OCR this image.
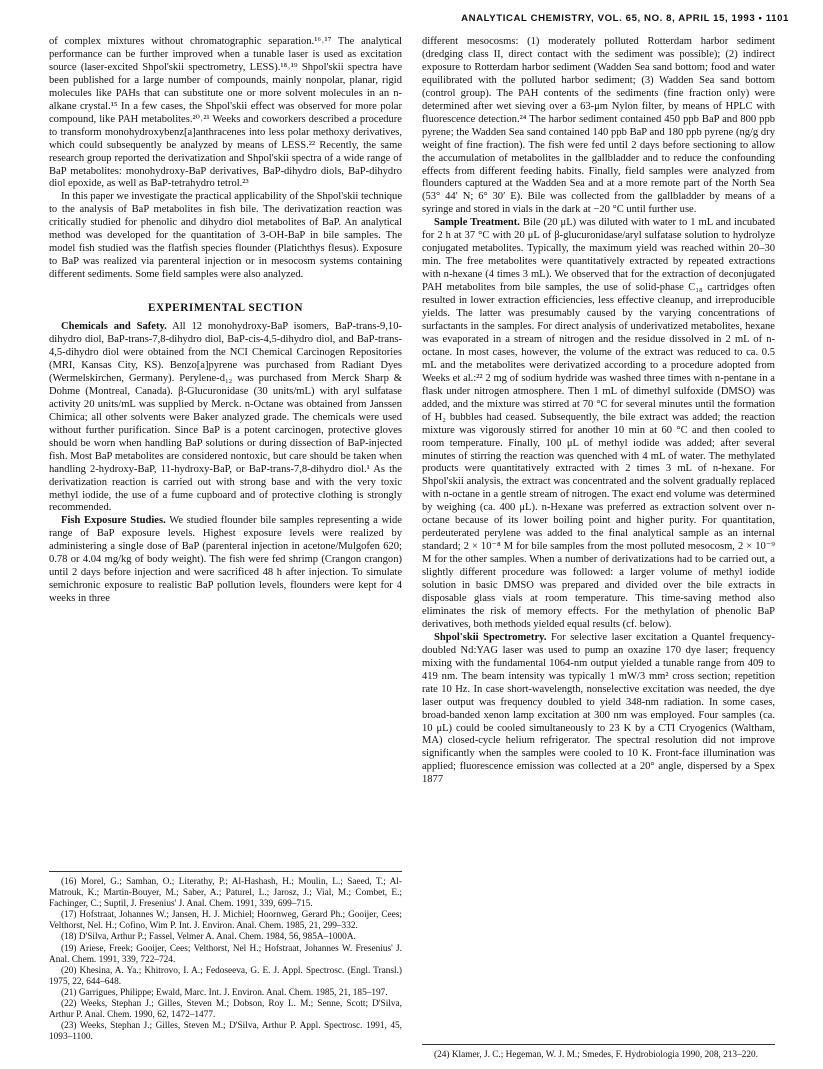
ANALYTICAL CHEMISTRY, VOL. 65, NO. 8, APRIL 15, 1993 • 1101

of complex mixtures without chromatographic separation.¹⁶˒¹⁷ The analytical performance can be further improved when a tunable laser is used as excitation source (laser-excited Shpol'skii spectrometry, LESS).¹⁸˒¹⁹ Shpol'skii spectra have been published for a large number of compounds, mainly nonpolar, planar, rigid molecules like PAHs that can substitute one or more solvent molecules in an n-alkane crystal.¹⁵ In a few cases, the Shpol'skii effect was observed for more polar compound, like PAH metabolites.²⁰˒²¹ Weeks and coworkers described a procedure to transform monohydroxybenz[a]anthracenes into less polar methoxy derivatives, which could subsequently be analyzed by means of LESS.²² Recently, the same research group reported the derivatization and Shpol'skii spectra of a wide range of BaP metabolites: monohydroxy-BaP derivatives, BaP-dihydro diols, BaP-dihydro diol epoxide, as well as BaP-tetrahydro tetrol.²³

In this paper we investigate the practical applicability of the Shpol'skii technique to the analysis of BaP metabolites in fish bile. The derivatization reaction was critically studied for phenolic and dihydro diol metabolites of BaP. An analytical method was developed for the quantitation of 3-OH-BaP in bile samples. The model fish studied was the flatfish species flounder (Platichthys flesus). Exposure to BaP was realized via parenteral injection or in mesocosm systems containing different sediments. Some field samples were also analyzed.

EXPERIMENTAL SECTION

Chemicals and Safety. All 12 monohydroxy-BaP isomers, BaP-trans-9,10-dihydro diol, BaP-trans-7,8-dihydro diol, BaP-cis-4,5-dihydro diol, and BaP-trans-4,5-dihydro diol were obtained from the NCI Chemical Carcinogen Repositories (MRI, Kansas City, KS). Benzo[a]pyrene was purchased from Radiant Dyes (Wermelskirchen, Germany). Perylene-d₁₂ was purchased from Merck Sharp & Dohme (Montreal, Canada). β-Glucuronidase (30 units/mL) with aryl sulfatase activity 20 units/mL was supplied by Merck. n-Octane was obtained from Janssen Chimica; all other solvents were Baker analyzed grade. The chemicals were used without further purification. Since BaP is a potent carcinogen, protective gloves should be worn when handling BaP solutions or during dissection of BaP-injected fish. Most BaP metabolites are considered nontoxic, but care should be taken when handling 2-hydroxy-BaP, 11-hydroxy-BaP, or BaP-trans-7,8-dihydro diol.¹ As the derivatization reaction is carried out with strong base and with the very toxic methyl iodide, the use of a fume cupboard and of protective clothing is strongly recommended.

Fish Exposure Studies. We studied flounder bile samples representing a wide range of BaP exposure levels. Highest exposure levels were realized by administering a single dose of BaP (parenteral injection in acetone/Mulgofen 620; 0.78 or 4.04 mg/kg of body weight). The fish were fed shrimp (Crangon crangon) until 2 days before injection and were sacrificed 48 h after injection. To simulate semichronic exposure to realistic BaP pollution levels, flounders were kept for 4 weeks in three

(16) Morel, G.; Samhan, O.; Literathy, P.; Al-Hashash, H.; Moulin, L.; Saeed, T.; Al-Matrouk, K.; Martin-Bouyer, M.; Saber, A.; Paturel, L.; Jarosz, J.; Vial, M.; Combet, E.; Fachinger, C.; Suptil, J. Fresenius' J. Anal. Chem. 1991, 339, 699–715.

(17) Hofstraat, Johannes W.; Jansen, H. J. Michiel; Hoornweg, Gerard Ph.; Gooijer, Cees; Velthorst, Nel. H.; Cofino, Wim P. Int. J. Environ. Anal. Chem. 1985, 21, 299–332.

(18) D'Silva, Arthur P.; Fassel, Velmer A. Anal. Chem. 1984, 56, 985A–1000A.

(19) Ariese, Freek; Gooijer, Cees; Velthorst, Nel H.; Hofstraat, Johannes W. Fresenius' J. Anal. Chem. 1991, 339, 722–724.

(20) Khesina, A. Ya.; Khitrovo, I. A.; Fedoseeva, G. E. J. Appl. Spectrosc. (Engl. Transl.) 1975, 22, 644–648.

(21) Garrigues, Philippe; Ewald, Marc. Int. J. Environ. Anal. Chem. 1985, 21, 185–197.

(22) Weeks, Stephan J.; Gilles, Steven M.; Dobson, Roy L. M.; Senne, Scott; D'Silva, Arthur P. Anal. Chem. 1990, 62, 1472–1477.

(23) Weeks, Stephan J.; Gilles, Steven M.; D'Silva, Arthur P. Appl. Spectrosc. 1991, 45, 1093–1100.

different mesocosms: (1) moderately polluted Rotterdam harbor sediment (dredging class II, direct contact with the sediment was possible); (2) indirect exposure to Rotterdam harbor sediment (Wadden Sea sand bottom; food and water equilibrated with the polluted harbor sediment; (3) Wadden Sea sand bottom (control group). The PAH contents of the sediments (fine fraction only) were determined after wet sieving over a 63-μm Nylon filter, by means of HPLC with fluorescence detection.²⁴ The harbor sediment contained 450 ppb BaP and 800 ppb pyrene; the Wadden Sea sand contained 140 ppb BaP and 180 ppb pyrene (ng/g dry weight of fine fraction). The fish were fed until 2 days before sectioning to allow the accumulation of metabolites in the gallbladder and to reduce the confounding effects from different feeding habits. Finally, field samples were analyzed from flounders captured at the Wadden Sea and at a more remote part of the North Sea (53° 44′ N; 6° 30′ E). Bile was collected from the gallbladder by means of a syringe and stored in vials in the dark at −20 °C until further use.

Sample Treatment. Bile (20 μL) was diluted with water to 1 mL and incubated for 2 h at 37 °C with 20 μL of β-glucuronidase/aryl sulfatase solution to hydrolyze conjugated metabolites. Typically, the maximum yield was reached within 20–30 min. The free metabolites were quantitatively extracted by repeated extractions with n-hexane (4 times 3 mL). We observed that for the extraction of deconjugated PAH metabolites from bile samples, the use of solid-phase C₁₈ cartridges often resulted in lower extraction efficiencies, less effective cleanup, and irreproducible yields. The latter was presumably caused by the varying concentrations of surfactants in the samples. For direct analysis of underivatized metabolites, hexane was evaporated in a stream of nitrogen and the residue dissolved in 2 mL of n-octane. In most cases, however, the volume of the extract was reduced to ca. 0.5 mL and the metabolites were derivatized according to a procedure adopted from Weeks et al.:²² 2 mg of sodium hydride was washed three times with n-pentane in a flask under nitrogen atmosphere. Then 1 mL of dimethyl sulfoxide (DMSO) was added, and the mixture was stirred at 70 °C for several minutes until the formation of H₂ bubbles had ceased. Subsequently, the bile extract was added; the reaction mixture was vigorously stirred for another 10 min at 60 °C and then cooled to room temperature. Finally, 100 μL of methyl iodide was added; after several minutes of stirring the reaction was quenched with 4 mL of water. The methylated products were quantitatively extracted with 2 times 3 mL of n-hexane. For Shpol'skii analysis, the extract was concentrated and the solvent gradually replaced with n-octane in a gentle stream of nitrogen. The exact end volume was determined by weighing (ca. 400 μL). n-Hexane was preferred as extraction solvent over n-octane because of its lower boiling point and higher purity. For quantitation, perdeuterated perylene was added to the final analytical sample as an internal standard; 2 × 10⁻⁸ M for bile samples from the most polluted mesocosm, 2 × 10⁻⁹ M for the other samples. When a number of derivatizations had to be carried out, a slightly different procedure was followed: a larger volume of methyl iodide solution in basic DMSO was prepared and divided over the bile extracts in disposable glass vials at room temperature. This time-saving method also eliminates the risk of memory effects. For the methylation of phenolic BaP derivatives, both methods yielded equal results (cf. below).

Shpol'skii Spectrometry. For selective laser excitation a Quantel frequency-doubled Nd:YAG laser was used to pump an oxazine 170 dye laser; frequency mixing with the fundamental 1064-nm output yielded a tunable range from 409 to 419 nm. The beam intensity was typically 1 mW/3 mm² cross section; repetition rate 10 Hz. In case short-wavelength, nonselective excitation was needed, the dye laser output was frequency doubled to yield 348-nm radiation. In some cases, broad-banded xenon lamp excitation at 300 nm was employed. Four samples (ca. 10 μL) could be cooled simultaneously to 23 K by a CTI Cryogenics (Waltham, MA) closed-cycle helium refrigerator. The spectral resolution did not improve significantly when the samples were cooled to 10 K. Front-face illumination was applied; fluorescence emission was collected at a 20° angle, dispersed by a Spex 1877

(24) Klamer, J. C.; Hegeman, W. J. M.; Smedes, F. Hydrobiologia 1990, 208, 213–220.
